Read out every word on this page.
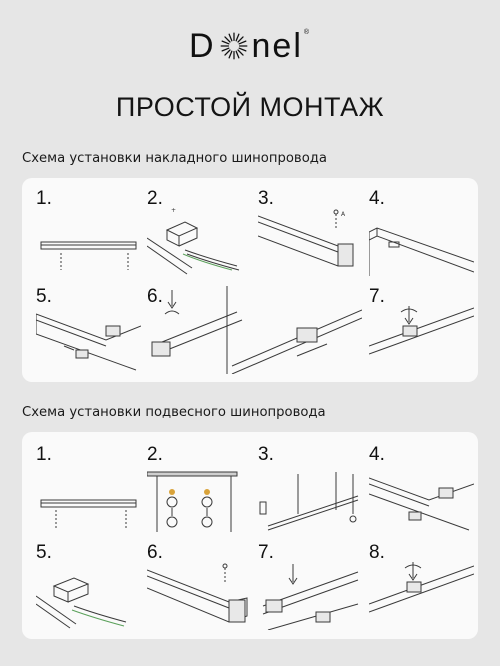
D nel ®
ПРОСТОЙ МОНТАЖ
Схема установки накладного шинопровода
1.	2.
+
3.
A
4.
5.	6.	7.
Схема установки подвесного шинопровода
1.	2.	3.	4.
5.	6.	7.	8.
